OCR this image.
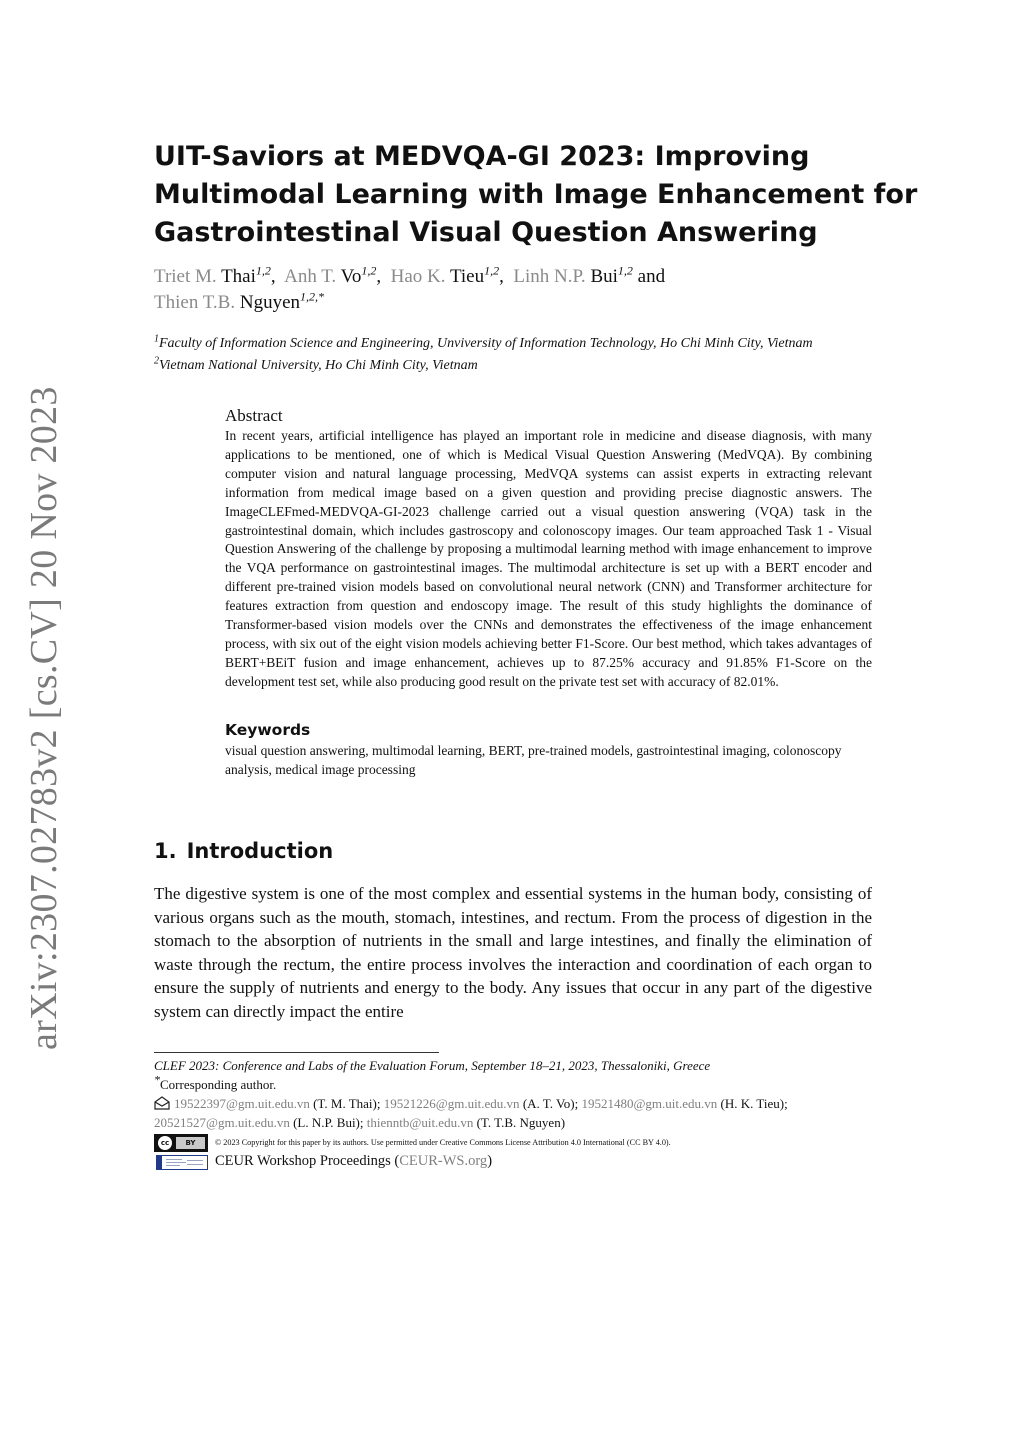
arXiv:2307.02783v2 [cs.CV] 20 Nov 2023
UIT-Saviors at MEDVQA-GI 2023: Improving
Multimodal Learning with Image Enhancement for
Gastrointestinal Visual Question Answering
Triet M. Thai$^{1,2}$,  Anh T. Vo$^{1,2}$,  Hao K. Tieu$^{1,2}$,  Linh N.P. Bui$^{1,2}$ and
Thien T.B. Nguyen$^{1,2,*}$
$^1$Faculty of Information Science and Engineering, Unviversity of Information Technology, Ho Chi Minh City, Vietnam
$^2$Vietnam National University, Ho Chi Minh City, Vietnam
Abstract

In recent years, artificial intelligence has played an important role in medicine and disease diagnosis, with many applications to be mentioned, one of which is Medical Visual Question Answering (MedVQA). By combining computer vision and natural language processing, MedVQA systems can assist experts in extracting relevant information from medical image based on a given question and providing precise diagnostic answers. The ImageCLEFmed-MEDVQA-GI-2023 challenge carried out a visual question answering (VQA) task in the gastrointestinal domain, which includes gastroscopy and colonoscopy images. Our team approached Task 1 - Visual Question Answering of the challenge by proposing a multimodal learning method with image enhancement to improve the VQA performance on gastrointestinal images. The multimodal architecture is set up with a BERT encoder and different pre-trained vision models based on convolutional neural network (CNN) and Transformer architecture for features extraction from question and endoscopy image. The result of this study highlights the dominance of Transformer-based vision models over the CNNs and demonstrates the effectiveness of the image enhancement process, with six out of the eight vision models achieving better F1-Score. Our best method, which takes advantages of BERT+BEiT fusion and image enhancement, achieves up to 87.25% accuracy and 91.85% F1-Score on the development test set, while also producing good result on the private test set with accuracy of 82.01%.

Keywords

visual question answering, multimodal learning, BERT, pre-trained models, gastrointestinal imaging, colonoscopy analysis, medical image processing

1. Introduction

The digestive system is one of the most complex and essential systems in the human body, consisting of various organs such as the mouth, stomach, intestines, and rectum. From the process of digestion in the stomach to the absorption of nutrients in the small and large intestines, and finally the elimination of waste through the rectum, the entire process involves the interaction and coordination of each organ to ensure the supply of nutrients and energy to the body. Any issues that occur in any part of the digestive system can directly impact the entire

CLEF 2023: Conference and Labs of the Evaluation Forum, September 18–21, 2023, Thessaloniki, Greece
*Corresponding author.
19522397@gm.uit.edu.vn (T. M. Thai); 19521226@gm.uit.edu.vn (A. T. Vo); 19521480@gm.uit.edu.vn (H. K. Tieu); 20521527@gm.uit.edu.vn (L. N.P. Bui); thienntb@uit.edu.vn (T. T.B. Nguyen)
cc	BY	© 2023 Copyright for this paper by its authors. Use permitted under Creative Commons License Attribution 4.0 International (CC BY 4.0).
CEUR Workshop Proceedings (CEUR-WS.org)
